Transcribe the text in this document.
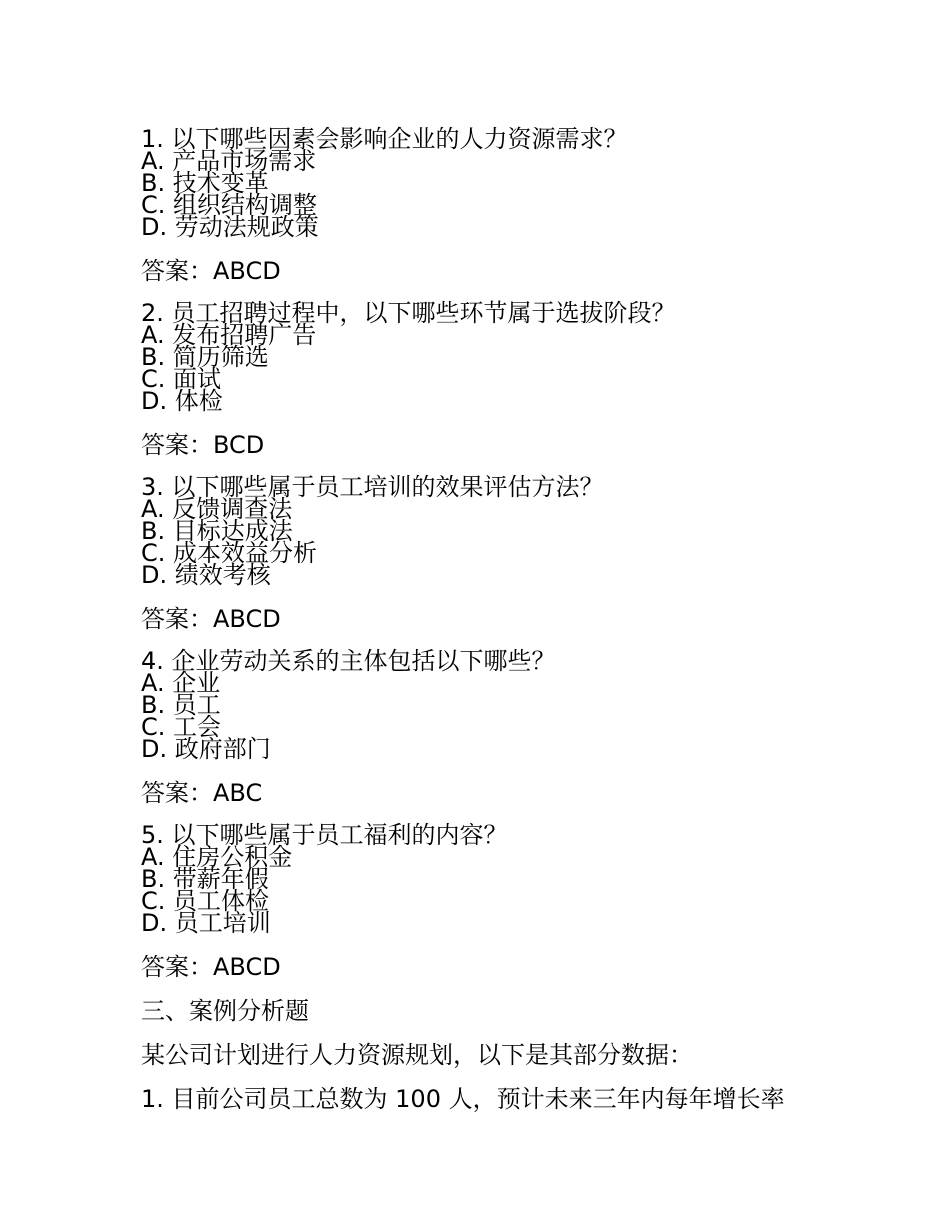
1. 以下哪些因素会影响企业的人力资源需求？
A. 产品市场需求
B. 技术变革
C. 组织结构调整
D. 劳动法规政策
答案：ABCD
2. 员工招聘过程中，以下哪些环节属于选拔阶段？
A. 发布招聘广告
B. 简历筛选
C. 面试
D. 体检
答案：BCD
3. 以下哪些属于员工培训的效果评估方法？
A. 反馈调查法
B. 目标达成法
C. 成本效益分析
D. 绩效考核
答案：ABCD
4. 企业劳动关系的主体包括以下哪些？
A. 企业
B. 员工
C. 工会
D. 政府部门
答案：ABC
5. 以下哪些属于员工福利的内容？
A. 住房公积金
B. 带薪年假
C. 员工体检
D. 员工培训
答案：ABCD
三、案例分析题
某公司计划进行人力资源规划，以下是其部分数据：
1. 目前公司员工总数为 100 人，预计未来三年内每年增长率
